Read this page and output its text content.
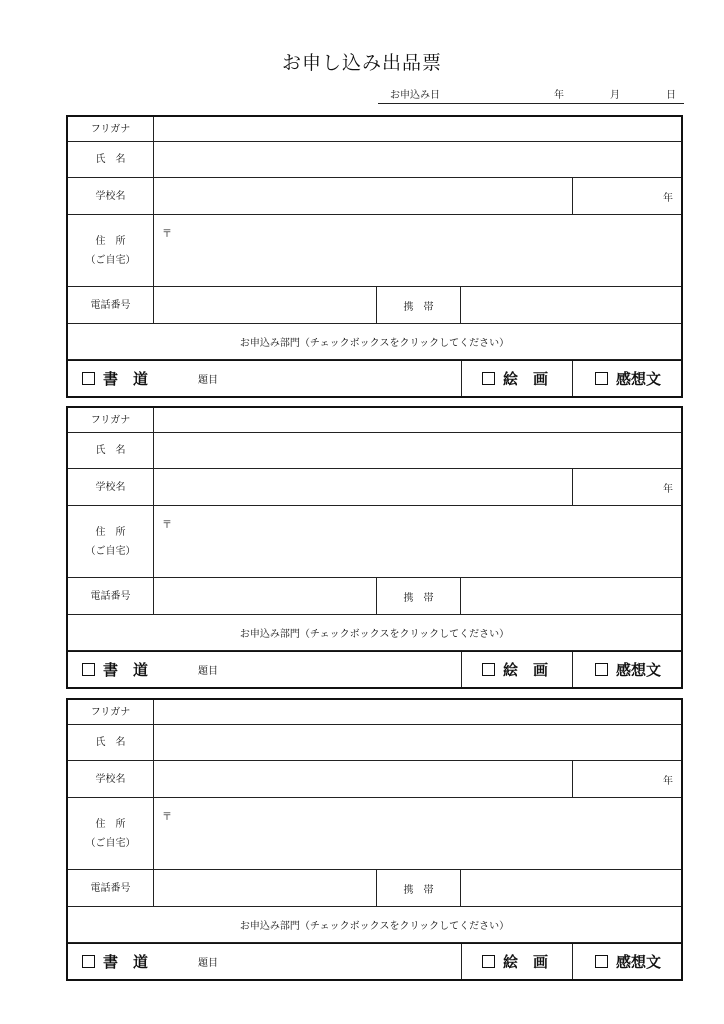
お申し込み出品票
お申込み日	年	月	日
フリガナ
氏　名
学校名	年
住　所
（ご自宅）
〒
電話番号	携　帯
お申込み部門（チェックボックスをクリックしてください）
書　道	題目	絵　画	感想文
フリガナ
氏　名
学校名	年
住　所
（ご自宅）
〒
電話番号	携　帯
お申込み部門（チェックボックスをクリックしてください）
書　道	題目	絵　画	感想文
フリガナ
氏　名
学校名	年
住　所
（ご自宅）
〒
電話番号	携　帯
お申込み部門（チェックボックスをクリックしてください）
書　道	題目	絵　画	感想文
